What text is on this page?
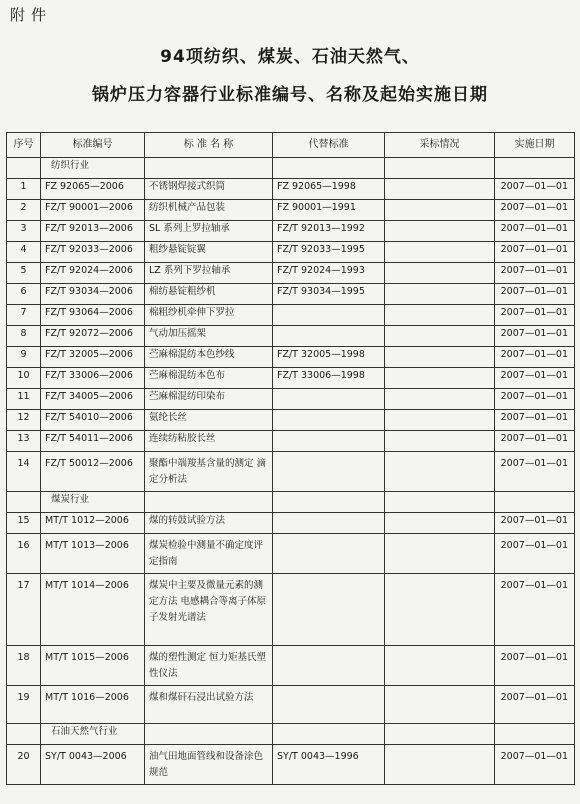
附件
94项纺织、煤炭、石油天然气、
锅炉压力容器行业标准编号、名称及起始实施日期
序号	标准编号	标 准 名 称	代替标准	采标情况	实施日期
	纺织行业				
1	FZ 92065—2006	不锈钢焊接式织筒	FZ 92065—1998		2007—01—01
2	FZ/T 90001—2006	纺织机械产品包装	FZ 90001—1991		2007—01—01
3	FZ/T 92013—2006	SL 系列上罗拉轴承	FZ/T 92013—1992		2007—01—01
4	FZ/T 92033—2006	粗纱悬锭锭翼	FZ/T 92033—1995		2007—01—01
5	FZ/T 92024—2006	LZ 系列下罗拉轴承	FZ/T 92024—1993		2007—01—01
6	FZ/T 93034—2006	棉纺悬锭粗纱机	FZ/T 93034—1995		2007—01—01
7	FZ/T 93064—2006	棉粗纱机牵伸下罗拉			2007—01—01
8	FZ/T 92072—2006	气动加压摇架			2007—01—01
9	FZ/T 32005—2006	苎麻棉混纺本色纱线	FZ/T 32005—1998		2007—01—01
10	FZ/T 33006—2006	苎麻棉混纺本色布	FZ/T 33006—1998		2007—01—01
11	FZ/T 34005—2006	苎麻棉混纺印染布			2007—01—01
12	FZ/T 54010—2006	氨纶长丝			2007—01—01
13	FZ/T 54011—2006	连续纺粘胶长丝			2007—01—01
14	FZ/T 50012—2006	聚酯中端羧基含量的测定 滴定分析法			2007—01—01
	煤炭行业				
15	MT/T 1012—2006	煤的转鼓试验方法			2007—01—01
16	MT/T 1013—2006	煤炭检验中测量不确定度评定指南			2007—01—01
17	MT/T 1014—2006	煤炭中主要及微量元素的测定方法 电感耦合等离子体原子发射光谱法			2007—01—01
18	MT/T 1015—2006	煤的塑性测定 恒力矩基氏塑性仪法			2007—01—01
19	MT/T 1016—2006	煤和煤矸石浸出试验方法			2007—01—01
	石油天然气行业				
20	SY/T 0043—2006	油气田地面管线和设备涂色规范	SY/T 0043—1996		2007—01—01
